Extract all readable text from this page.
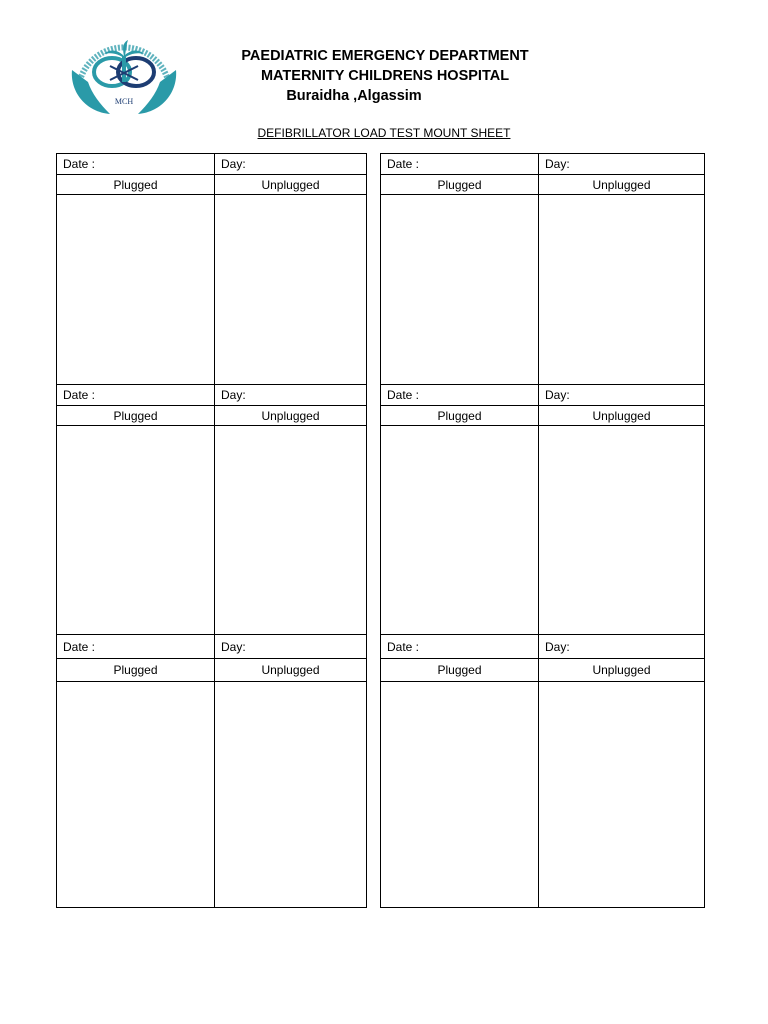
MCH
PAEDIATRIC EMERGENCY DEPARTMENT
MATERNITY CHILDRENS HOSPITAL
Buraidha ,Algassim
DEFIBRILLATOR LOAD TEST MOUNT SHEET
Date :	Day:
Plugged	Unplugged
Date :	Day:
Plugged	Unplugged
Date :	Day:
Plugged	Unplugged
Date :	Day:
Plugged	Unplugged
Date :	Day:
Plugged	Unplugged
Date :	Day:
Plugged	Unplugged
